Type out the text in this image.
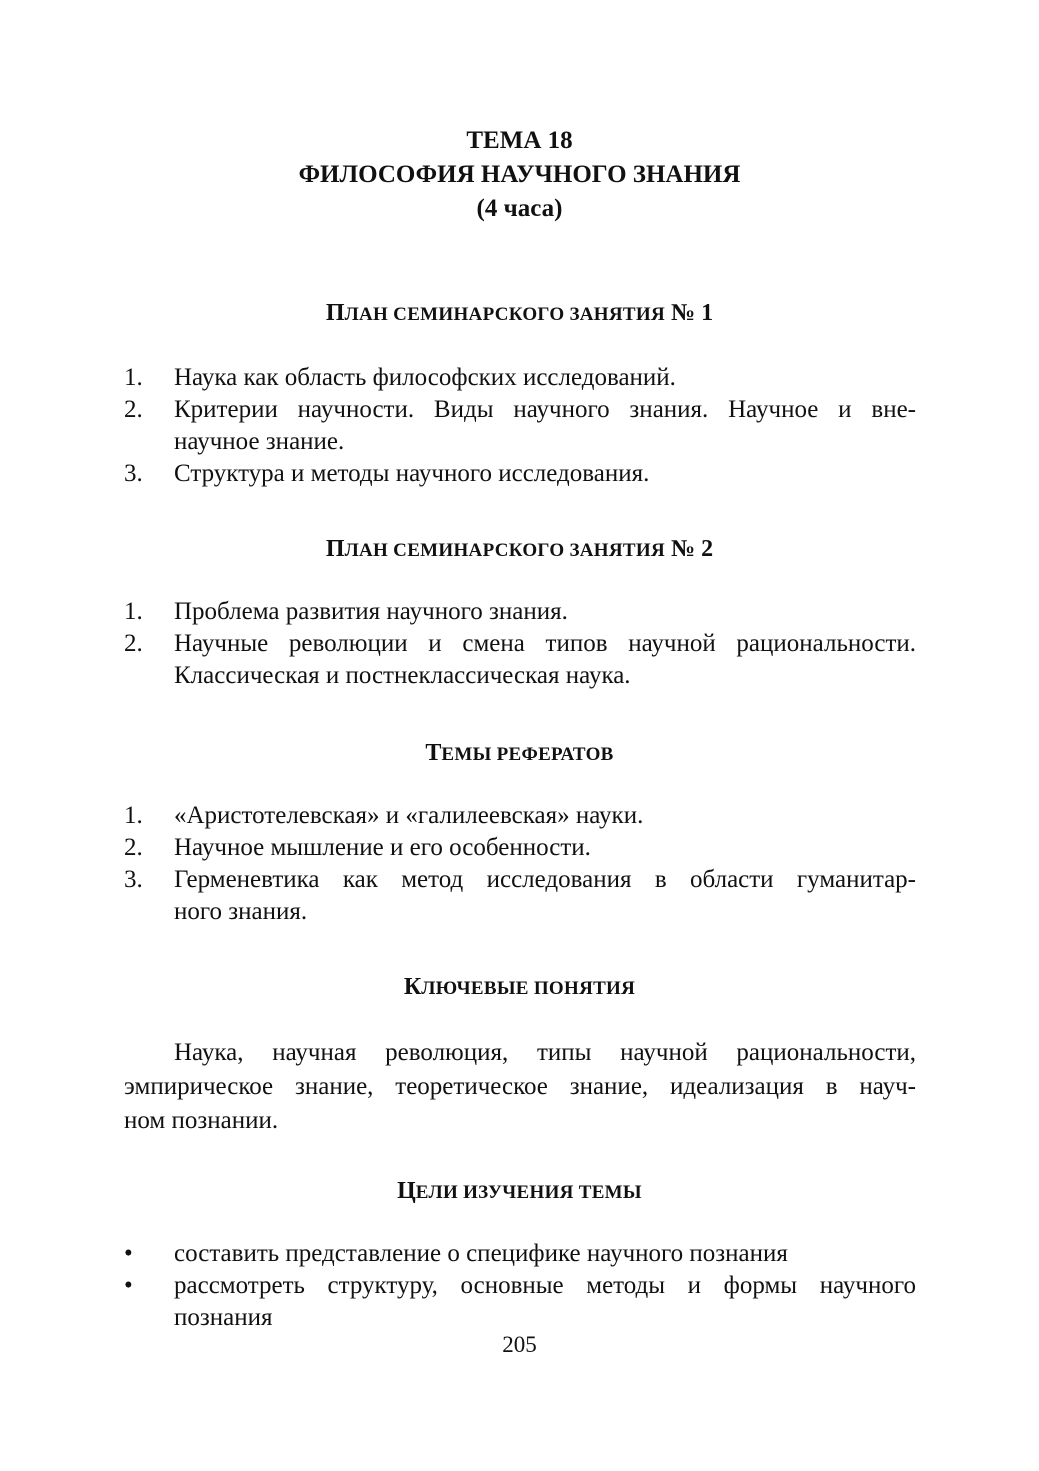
ТЕМА 18
ФИЛОСОФИЯ НАУЧНОГО ЗНАНИЯ
(4 часа)
ПЛАН СЕМИНАРСКОГО ЗАНЯТИЯ № 1
1.	Наука как область философских исследований.
2.	Критерии научности. Виды научного знания. Научное и вне-
научное знание.
3.	Структура и методы научного исследования.
ПЛАН СЕМИНАРСКОГО ЗАНЯТИЯ № 2
1.	Проблема развития научного знания.
2.	Научные революции и смена типов научной рациональности.
Классическая и постнеклассическая наука.
ТЕМЫ РЕФЕРАТОВ
1.	«Аристотелевская» и «галилеевская» науки.
2.	Научное мышление и его особенности.
3.	Герменевтика как метод исследования в области гуманитар-
ного знания.
КЛЮЧЕВЫЕ ПОНЯТИЯ
Наука, научная революция, типы научной рациональности,
эмпирическое знание, теоретическое знание, идеализация в науч-
ном познании.
ЦЕЛИ ИЗУЧЕНИЯ ТЕМЫ
•	составить представление о специфике научного познания
•	рассмотреть структуру, основные методы и формы научного
познания
205
